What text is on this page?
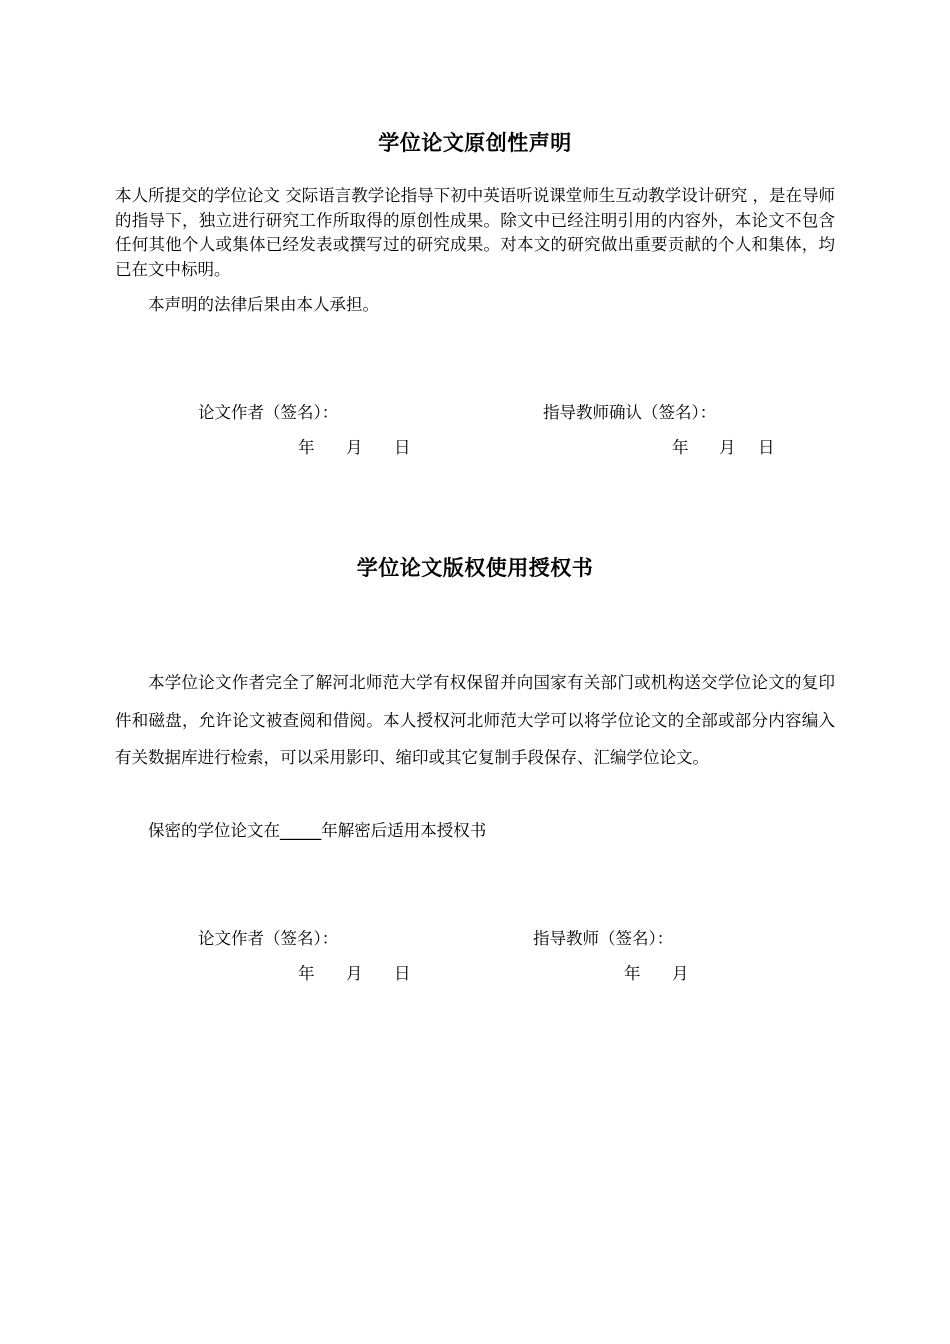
学位论文原创性声明

本人所提交的学位论文 交际语言教学论指导下初中英语听说课堂师生互动教学设计研究 ，是在导师的指导下，独立进行研究工作所取得的原创性成果。除文中已经注明引用的内容外，本论文不包含任何其他个人或集体已经发表或撰写过的研究成果。对本文的研究做出重要贡献的个人和集体，均已在文中标明。

本声明的法律后果由本人承担。

论文作者（签名）：	指导教师确认（签名）：

年 月 日	年 月 日
学位论文版权使用授权书

本学位论文作者完全了解河北师范大学有权保留并向国家有关部门或机构送交学位论文的复印件和磁盘，允许论文被查阅和借阅。本人授权河北师范大学可以将学位论文的全部或部分内容编入有关数据库进行检索，可以采用影印、缩印或其它复制手段保存、汇编学位论文。

保密的学位论文在_____年解密后适用本授权书

论文作者（签名）：	指导教师（签名）：

年 月 日	年 月
